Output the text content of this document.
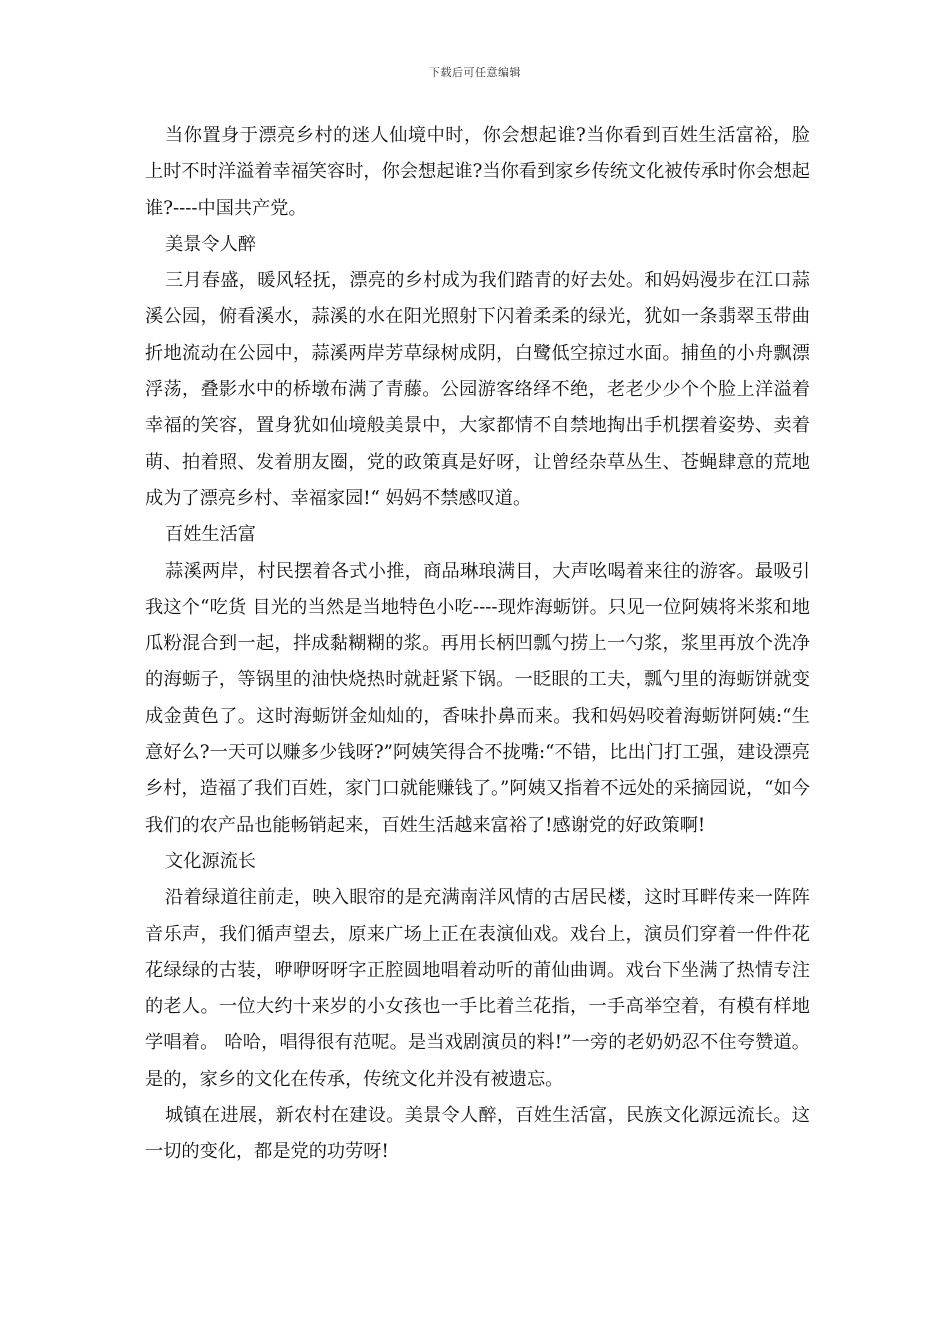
下载后可任意编辑

当你置身于漂亮乡村的迷人仙境中时，你会想起谁?当你看到百姓生活富裕，脸上时不时洋溢着幸福笑容时，你会想起谁?当你看到家乡传统文化被传承时你会想起谁?----中国共产党。

美景令人醉

三月春盛，暖风轻抚，漂亮的乡村成为我们踏青的好去处。和妈妈漫步在江口蒜溪公园，俯看溪水，蒜溪的水在阳光照射下闪着柔柔的绿光，犹如一条翡翠玉带曲折地流动在公园中，蒜溪两岸芳草绿树成阴，白鹭低空掠过水面。捕鱼的小舟飘漂浮荡，叠影水中的桥墩布满了青藤。公园游客络绎不绝，老老少少个个脸上洋溢着幸福的笑容，置身犹如仙境般美景中，大家都情不自禁地掏出手机摆着姿势、卖着萌、拍着照、发着朋友圈，党的政策真是好呀，让曾经杂草丛生、苍蝇肆意的荒地成为了漂亮乡村、幸福家园!“ 妈妈不禁感叹道。

百姓生活富

蒜溪两岸，村民摆着各式小推，商品琳琅满目，大声吆喝着来往的游客。最吸引我这个“吃货 目光的当然是当地特色小吃----现炸海蛎饼。只见一位阿姨将米浆和地瓜粉混合到一起，拌成黏糊糊的浆。再用长柄凹瓢勺捞上一勺浆，浆里再放个洗净的海蛎子，等锅里的油快烧热时就赶紧下锅。一眨眼的工夫，瓢勺里的海蛎饼就变成金黄色了。这时海蛎饼金灿灿的，香味扑鼻而来。我和妈妈咬着海蛎饼阿姨:“生意好么?一天可以赚多少钱呀?”阿姨笑得合不拢嘴:“不错，比出门打工强，建设漂亮乡村，造福了我们百姓，家门口就能赚钱了。”阿姨又指着不远处的采摘园说，“如今我们的农产品也能畅销起来，百姓生活越来富裕了!感谢党的好政策啊!

文化源流长

沿着绿道往前走，映入眼帘的是充满南洋风情的古居民楼，这时耳畔传来一阵阵音乐声，我们循声望去，原来广场上正在表演仙戏。戏台上，演员们穿着一件件花花绿绿的古装，咿咿呀呀字正腔圆地唱着动听的莆仙曲调。戏台下坐满了热情专注的老人。一位大约十来岁的小女孩也一手比着兰花指，一手高举空着，有模有样地学唱着。 哈哈，唱得很有范呢。是当戏剧演员的料!”一旁的老奶奶忍不住夸赞道。是的，家乡的文化在传承，传统文化并没有被遗忘。

城镇在进展，新农村在建设。美景令人醉，百姓生活富，民族文化源远流长。这一切的变化，都是党的功劳呀!
